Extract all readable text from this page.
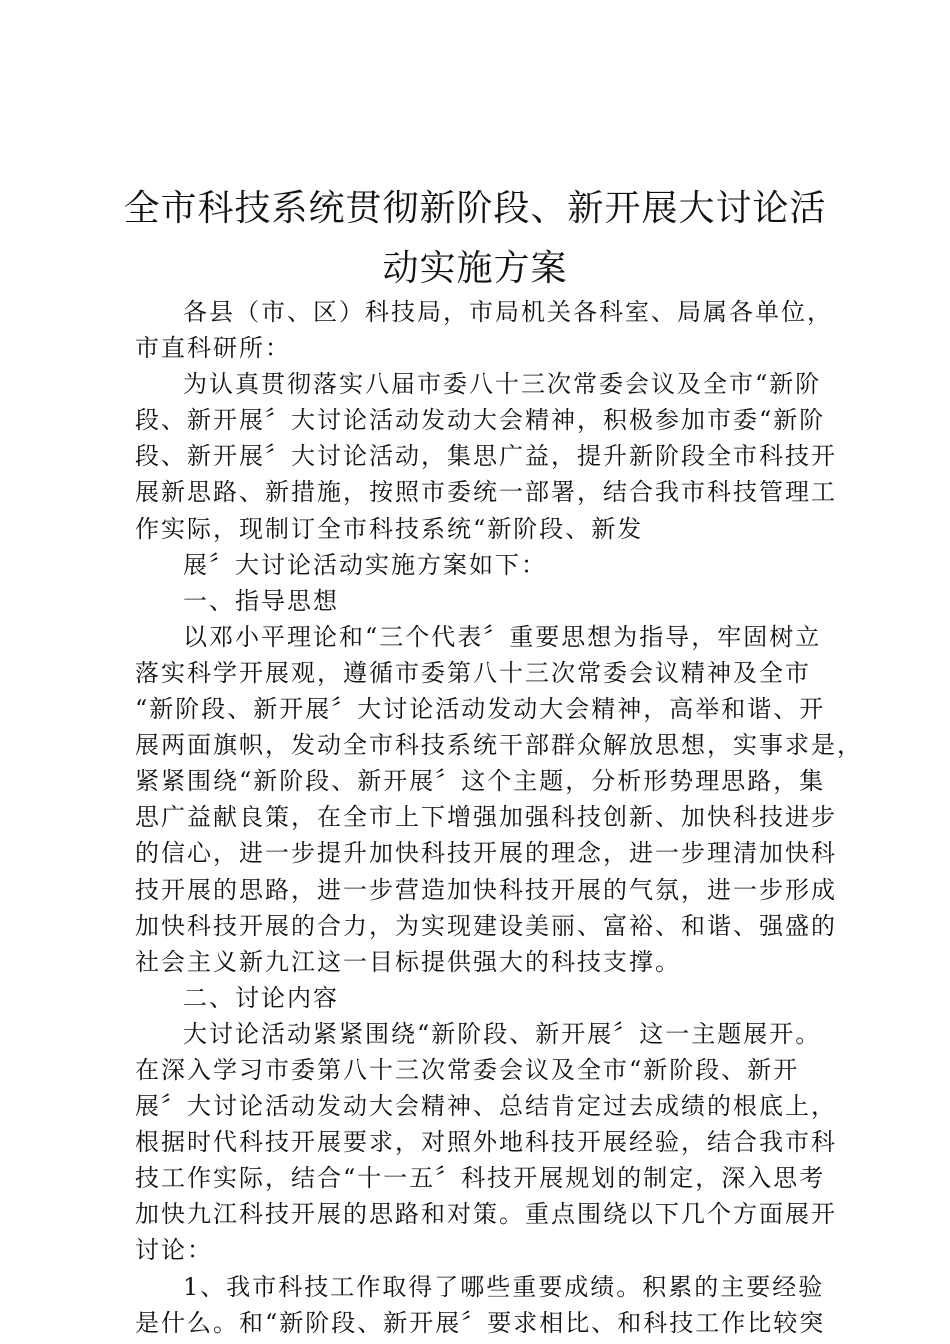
全市科技系统贯彻新阶段、新开展大讨论活
动实施方案
各县（市、区）科技局，市局机关各科室、局属各单位，
市直科研所：
为认真贯彻落实八届市委八十三次常委会议及全市“新阶
段、新开展〞大讨论活动发动大会精神，积极参加市委“新阶
段、新开展〞大讨论活动，集思广益，提升新阶段全市科技开
展新思路、新措施，按照市委统一部署，结合我市科技管理工
作实际，现制订全市科技系统“新阶段、新发
展〞大讨论活动实施方案如下：
一、指导思想
以邓小平理论和“三个代表〞重要思想为指导，牢固树立
落实科学开展观，遵循市委第八十三次常委会议精神及全市
“新阶段、新开展〞大讨论活动发动大会精神，高举和谐、开
展两面旗帜，发动全市科技系统干部群众解放思想，实事求是，
紧紧围绕“新阶段、新开展〞这个主题，分析形势理思路，集
思广益献良策，在全市上下增强加强科技创新、加快科技进步
的信心，进一步提升加快科技开展的理念，进一步理清加快科
技开展的思路，进一步营造加快科技开展的气氛，进一步形成
加快科技开展的合力，为实现建设美丽、富裕、和谐、强盛的
社会主义新九江这一目标提供强大的科技支撑。
二、讨论内容
大讨论活动紧紧围绕“新阶段、新开展〞这一主题展开。
在深入学习市委第八十三次常委会议及全市“新阶段、新开
展〞大讨论活动发动大会精神、总结肯定过去成绩的根底上，
根据时代科技开展要求，对照外地科技开展经验，结合我市科
技工作实际，结合“十一五〞科技开展规划的制定，深入思考
加快九江科技开展的思路和对策。重点围绕以下几个方面展开
讨论：
1、我市科技工作取得了哪些重要成绩。积累的主要经验
是什么。和“新阶段、新开展〞要求相比、和科技工作比较突
